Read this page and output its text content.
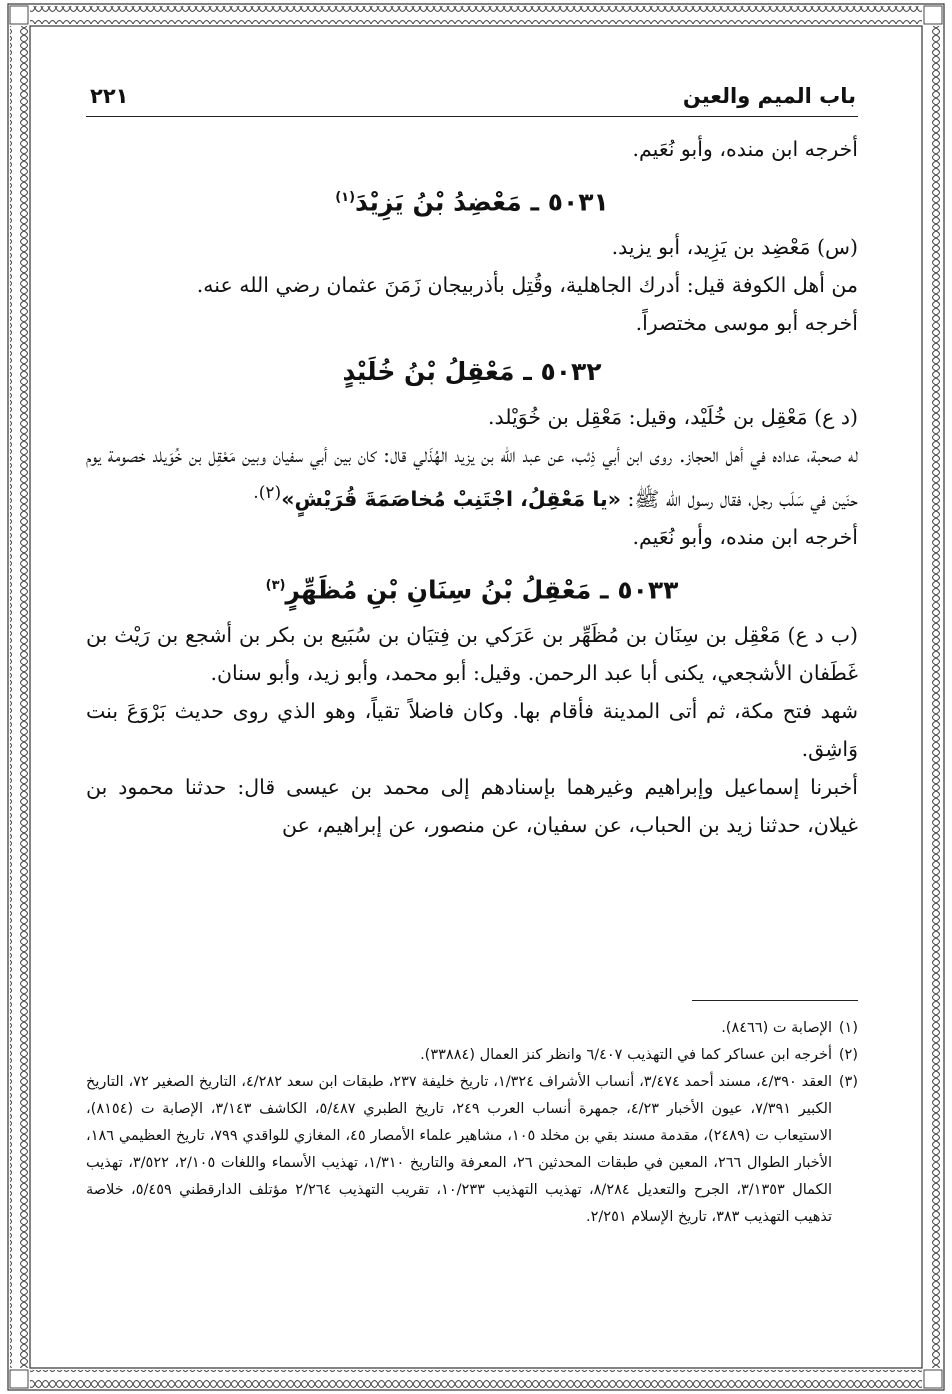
باب الميم والعين
٢٢١

أخرجه ابن منده، وأبو نُعَيم.

٥٠٣١ ـ مَعْضِدُ بْنُ يَزِيْدَ$^{(١)}$

(س) مَعْضِد بن يَزِيد، أبو يزيد.

من أهل الكوفة قيل: أدرك الجاهلية، وقُتِل بأذربيجان زَمَنَ عثمان رضي الله عنه.

أخرجه أبو موسى مختصراً.

٥٠٣٢ ـ مَعْقِلُ بْنُ خُلَيْدٍ

(د ع) مَعْقِل بن خُلَيْد، وقيل: مَعْقِل بن خُوَيْلد.

له صحبة، عداده في أهل الحجاز. روى ابن أبي ذِئب، عن عبد الله بن يزيد الهُذَلي قال: كان بين أبي سفيان وبين مَعْقِل بن خُوَيلد خصومة يوم حنَين في سَلَب رجل، فقال رسول الله ﷺ: «يا مَعْقِلُ، اجْتَنِبْ مُخاصَمَةَ قُرَيْشٍ»$^{(٢).}$

أخرجه ابن منده، وأبو نُعَيم.

٥٠٣٣ ـ مَعْقِلُ بْنُ سِنَانِ بْنِ مُظَهِّرٍ$^{(٣)}$

(ب د ع) مَعْقِل بن سِنَان بن مُظَهِّر بن عَرَكي بن فِتيَان بن سُبَيع بن بكر بن أشجع بن رَيْث بن غَطَفان الأشجعي، يكنى أبا عبد الرحمن. وقيل: أبو محمد، وأبو زيد، وأبو سنان.

شهد فتح مكة، ثم أتى المدينة فأقام بها. وكان فاضلاً تقياً، وهو الذي روى حديث بَرْوَعَ بنت وَاشِق.

أخبرنا إسماعيل وإبراهيم وغيرهما بإسنادهم إلى محمد بن عيسى قال: حدثنا محمود بن غيلان، حدثنا زيد بن الحباب، عن سفيان، عن منصور، عن إبراهيم، عن

(١)
الإصابة ت (٨٤٦٦).

(٢)
أخرجه ابن عساكر كما في التهذيب ٦/٤٠٧ وانظر كنز العمال (٣٣٨٨٤).

(٣)
العقد ٤/٣٩٠، مسند أحمد ٣/٤٧٤، أنساب الأشراف ١/٣٢٤، تاريخ خليفة ٢٣٧، طبقات ابن سعد ٤/٢٨٢، التاريخ الصغير ٧٢، التاريخ الكبير ٧/٣٩١، عيون الأخبار ٤/٢٣، جمهرة أنساب العرب ٢٤٩، تاريخ الطبري ٥/٤٨٧، الكاشف ٣/١٤٣، الإصابة ت (٨١٥٤)، الاستيعاب ت (٢٤٨٩)، مقدمة مسند بقي بن مخلد ١٠٥، مشاهير علماء الأمصار ٤٥، المغازي للواقدي ٧٩٩، تاريخ العظيمي ١٨٦، الأخبار الطوال ٢٦٦، المعين في طبقات المحدثين ٢٦، المعرفة والتاريخ ١/٣١٠، تهذيب الأسماء واللغات ٢/١٠٥، ٣/٥٢٢، تهذيب الكمال ٣/١٣٥٣، الجرح والتعديل ٨/٢٨٤، تهذيب التهذيب ١٠/٢٣٣، تقريب التهذيب ٢/٢٦٤ مؤتلف الدارقطني ٥/٤٥٩، خلاصة تذهيب التهذيب ٣٨٣، تاريخ الإسلام ٢/٢٥١.
